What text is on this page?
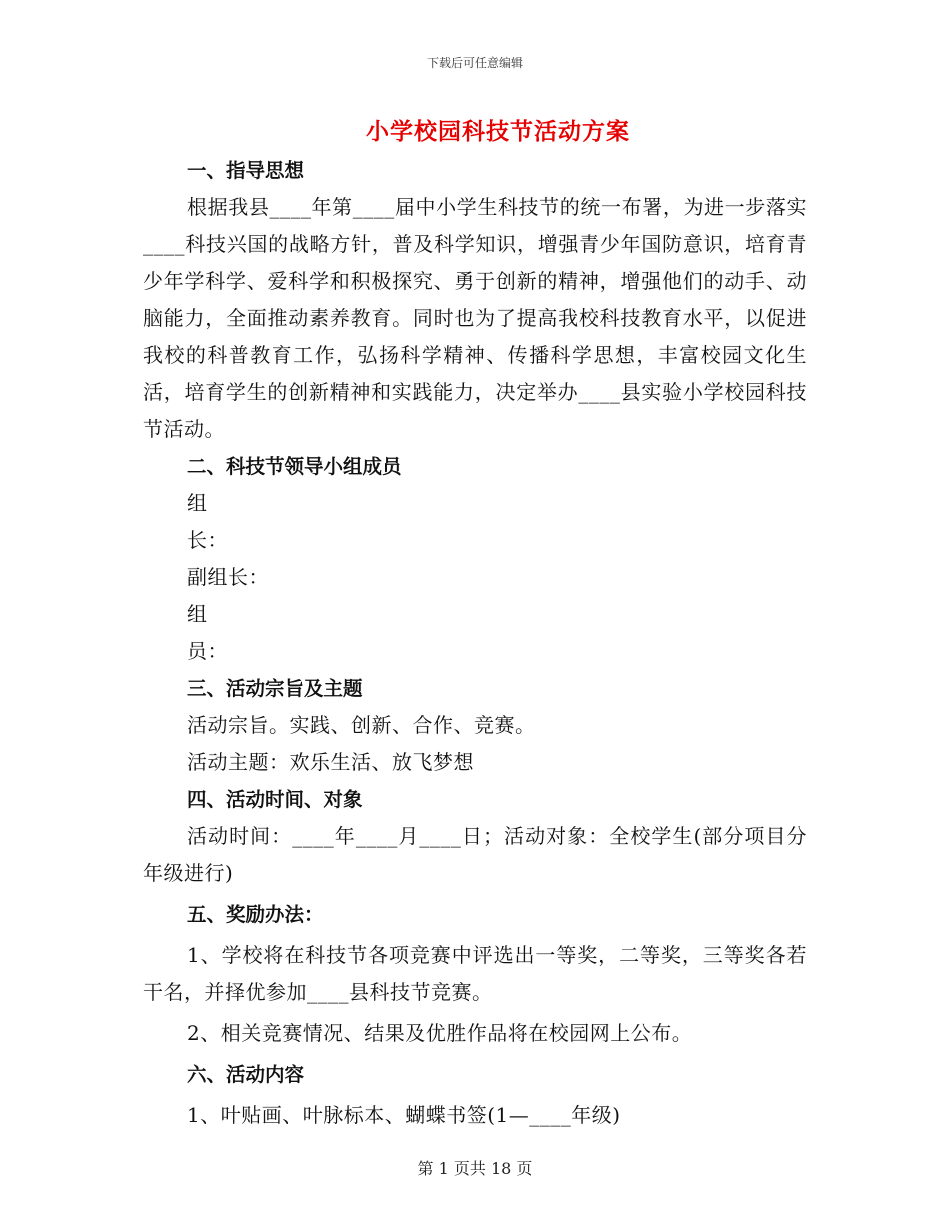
下载后可任意编辑
小学校园科技节活动方案
一、指导思想
根据我县____年第____届中小学生科技节的统一布署，为进一步落实____科技兴国的战略方针，普及科学知识，增强青少年国防意识，培育青少年学科学、爱科学和积极探究、勇于创新的精神，增强他们的动手、动脑能力，全面推动素养教育。同时也为了提高我校科技教育水平，以促进我校的科普教育工作，弘扬科学精神、传播科学思想，丰富校园文化生活，培育学生的创新精神和实践能力，决定举办____县实验小学校园科技节活动。
二、科技节领导小组成员
组
长：
副组长：
组
员：
三、活动宗旨及主题
活动宗旨。实践、创新、合作、竞赛。
活动主题：欢乐生活、放飞梦想
四、活动时间、对象
活动时间：____年____月____日；活动对象：全校学生(部分项目分年级进行)
五、奖励办法：
1、学校将在科技节各项竞赛中评选出一等奖，二等奖，三等奖各若干名，并择优参加____县科技节竞赛。
2、相关竞赛情况、结果及优胜作品将在校园网上公布。
六、活动内容
1、叶贴画、叶脉标本、蝴蝶书签(1—____年级)
第 1 页共 18 页
